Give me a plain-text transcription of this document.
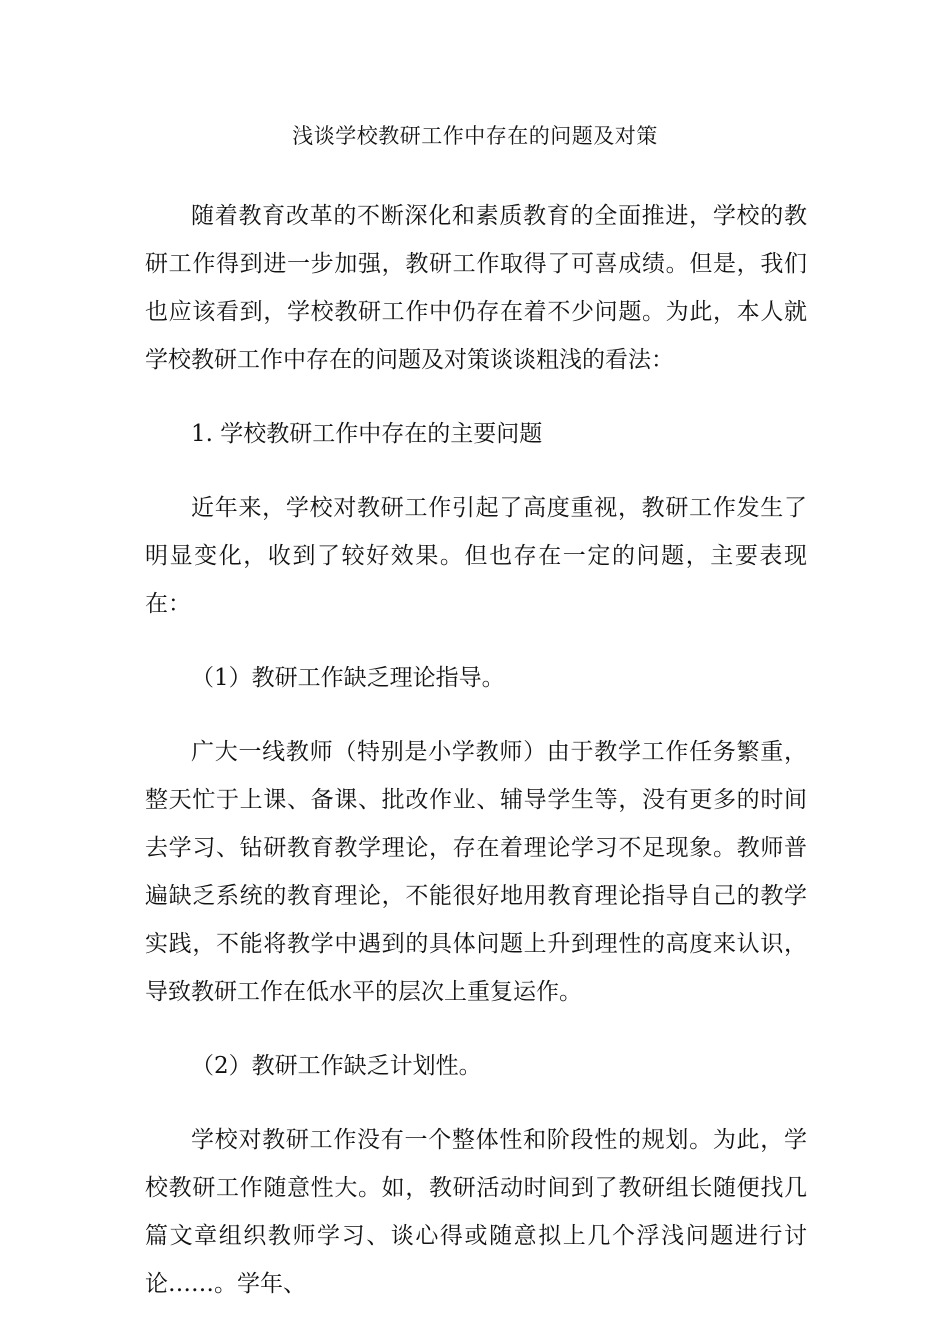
浅谈学校教研工作中存在的问题及对策

随着教育改革的不断深化和素质教育的全面推进，学校的教研工作得到进一步加强，教研工作取得了可喜成绩。但是，我们也应该看到，学校教研工作中仍存在着不少问题。为此，本人就学校教研工作中存在的问题及对策谈谈粗浅的看法：

1. 学校教研工作中存在的主要问题

近年来，学校对教研工作引起了高度重视，教研工作发生了明显变化，收到了较好效果。但也存在一定的问题，主要表现在：

（1）教研工作缺乏理论指导。

广大一线教师（特别是小学教师）由于教学工作任务繁重，整天忙于上课、备课、批改作业、辅导学生等，没有更多的时间去学习、钻研教育教学理论，存在着理论学习不足现象。教师普遍缺乏系统的教育理论，不能很好地用教育理论指导自己的教学实践，不能将教学中遇到的具体问题上升到理性的高度来认识，导致教研工作在低水平的层次上重复运作。

（2）教研工作缺乏计划性。

学校对教研工作没有一个整体性和阶段性的规划。为此，学校教研工作随意性大。如，教研活动时间到了教研组长随便找几篇文章组织教师学习、谈心得或随意拟上几个浮浅问题进行讨论……。学年、
